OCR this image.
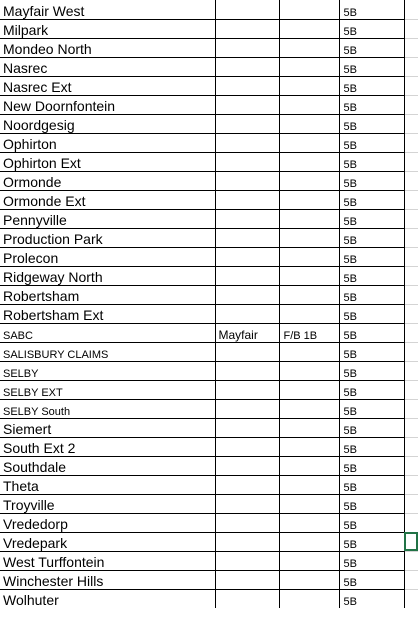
Mayfair West			5B	
Milpark			5B	
Mondeo North			5B	
Nasrec			5B	
Nasrec Ext			5B	
New Doornfontein			5B	
Noordgesig			5B	
Ophirton			5B	
Ophirton Ext			5B	
Ormonde			5B	
Ormonde Ext			5B	
Pennyville			5B	
Production Park			5B	
Prolecon			5B	
Ridgeway North			5B	
Robertsham			5B	
Robertsham Ext			5B	
SABC	Mayfair	F/B 1B	5B	
SALISBURY CLAIMS			5B	
SELBY			5B	
SELBY EXT			5B	
SELBY South			5B	
Siemert			5B	
South Ext 2			5B	
Southdale			5B	
Theta			5B	
Troyville			5B	
Vrededorp			5B	
Vredepark			5B	
West Turffontein			5B	
Winchester Hills			5B	
Wolhuter			5B	
